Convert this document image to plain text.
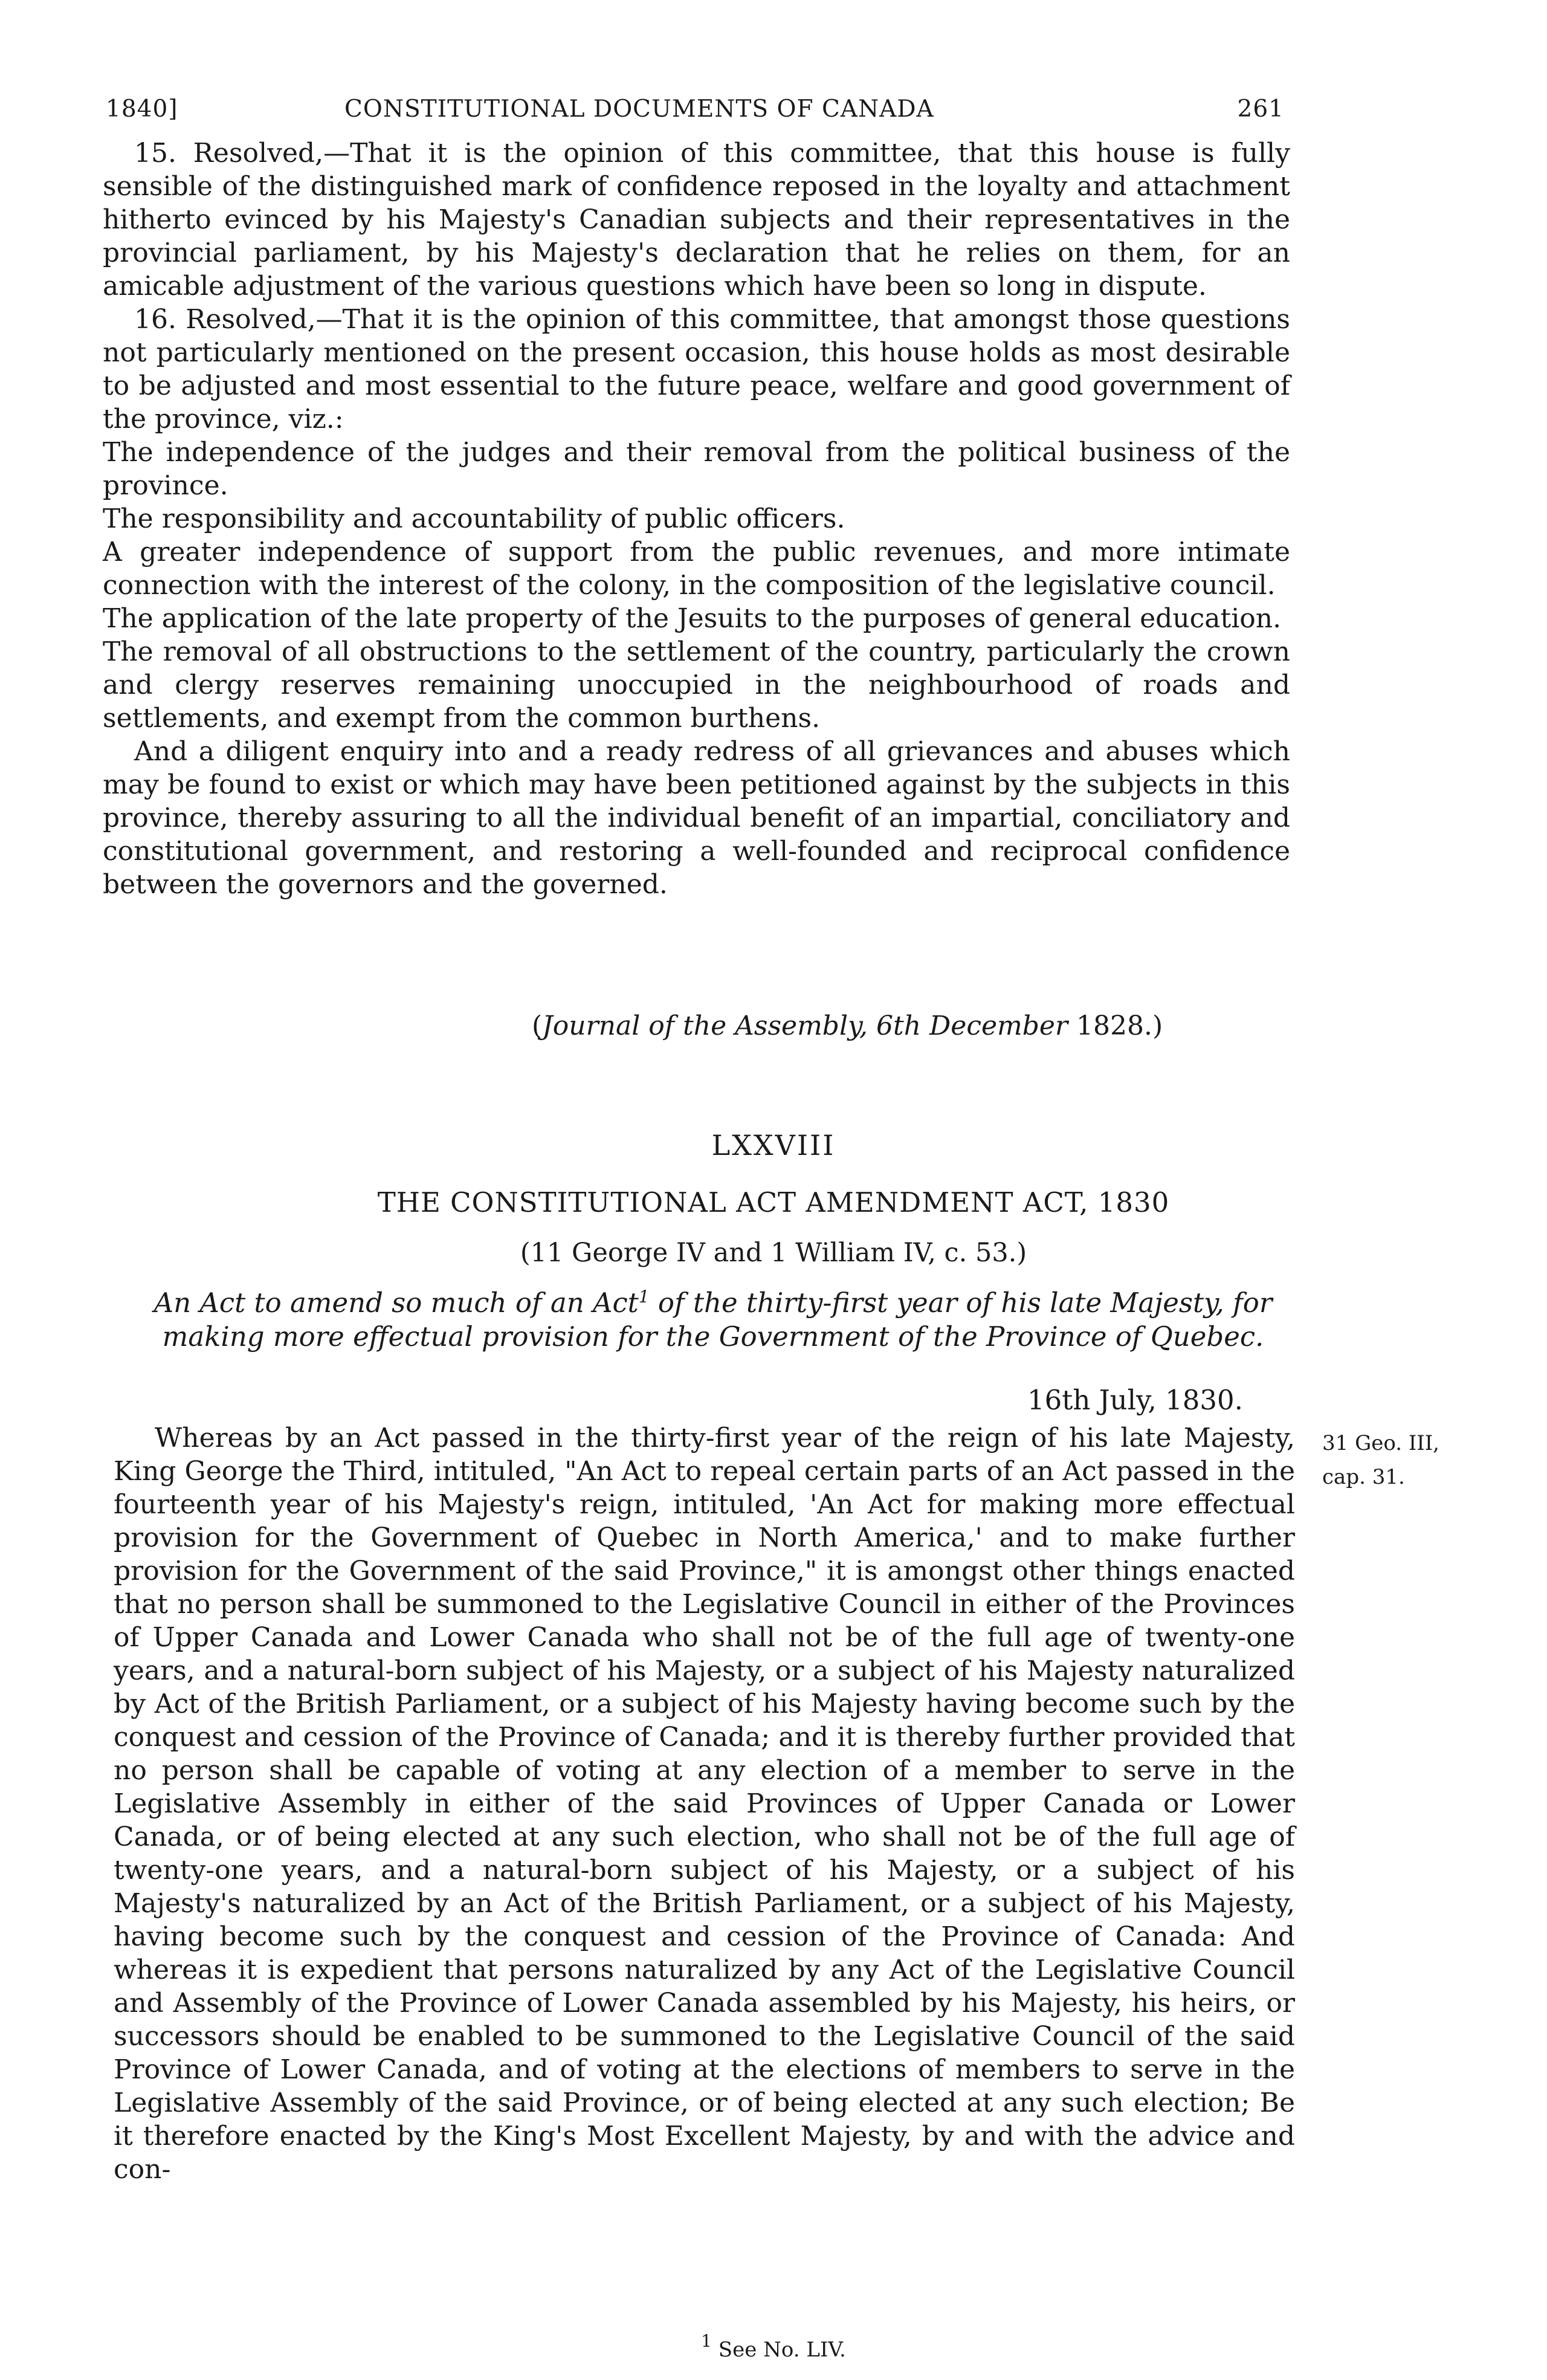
1840]	CONSTITUTIONAL DOCUMENTS OF CANADA	261

15. Resolved,—That it is the opinion of this committee, that this house is fully sensible of the distinguished mark of confidence reposed in the loyalty and attachment hitherto evinced by his Majesty's Canadian subjects and their representatives in the provincial parliament, by his Majesty's declaration that he relies on them, for an amicable adjustment of the various questions which have been so long in dispute.

16. Resolved,—That it is the opinion of this committee, that amongst those questions not particularly mentioned on the present occasion, this house holds as most desirable to be adjusted and most essential to the future peace, welfare and good government of the province, viz.:

The independence of the judges and their removal from the political business of the province.

The responsibility and accountability of public officers.

A greater independence of support from the public revenues, and more intimate connection with the interest of the colony, in the composition of the legislative council.

The application of the late property of the Jesuits to the purposes of general education.

The removal of all obstructions to the settlement of the country, particularly the crown and clergy reserves remaining unoccupied in the neighbourhood of roads and settlements, and exempt from the common burthens.

And a diligent enquiry into and a ready redress of all grievances and abuses which may be found to exist or which may have been petitioned against by the subjects in this province, thereby assuring to all the individual benefit of an impartial, conciliatory and constitutional government, and restoring a well-founded and reciprocal confidence between the governors and the governed.

(Journal of the Assembly, 6th December 1828.)
LXXVIII
THE CONSTITUTIONAL ACT AMENDMENT ACT, 1830
(11 George IV and 1 William IV, c. 53.)
An Act to amend so much of an Act$^1$ of the thirty-first year of his late Majesty, for making more effectual provision for the Government of the Province of Quebec.
16th July, 1830.

Whereas by an Act passed in the thirty-first year of the reign of his late Majesty, King George the Third, intituled, "An Act to repeal certain parts of an Act passed in the fourteenth year of his Majesty's reign, intituled, 'An Act for making more effectual provision for the Government of Quebec in North America,' and to make further provision for the Government of the said Province," it is amongst other things enacted that no person shall be summoned to the Legislative Council in either of the Provinces of Upper Canada and Lower Canada who shall not be of the full age of twenty-one years, and a natural-born subject of his Majesty, or a subject of his Majesty naturalized by Act of the British Parliament, or a subject of his Majesty having become such by the conquest and cession of the Province of Canada; and it is thereby further provided that no person shall be capable of voting at any election of a member to serve in the Legislative Assembly in either of the said Provinces of Upper Canada or Lower Canada, or of being elected at any such election, who shall not be of the full age of twenty-one years, and a natural-born subject of his Majesty, or a subject of his Majesty's naturalized by an Act of the British Parliament, or a subject of his Majesty, having become such by the conquest and cession of the Province of Canada: And whereas it is expedient that persons naturalized by any Act of the Legislative Council and Assembly of the Province of Lower Canada assembled by his Majesty, his heirs, or successors should be enabled to be summoned to the Legislative Council of the said Province of Lower Canada, and of voting at the elections of members to serve in the Legislative Assembly of the said Province, or of being elected at any such election; Be it therefore enacted by the King's Most Excellent Majesty, by and with the advice and con-

31 Geo. III,
cap. 31.
$^1$ See No. LIV.
